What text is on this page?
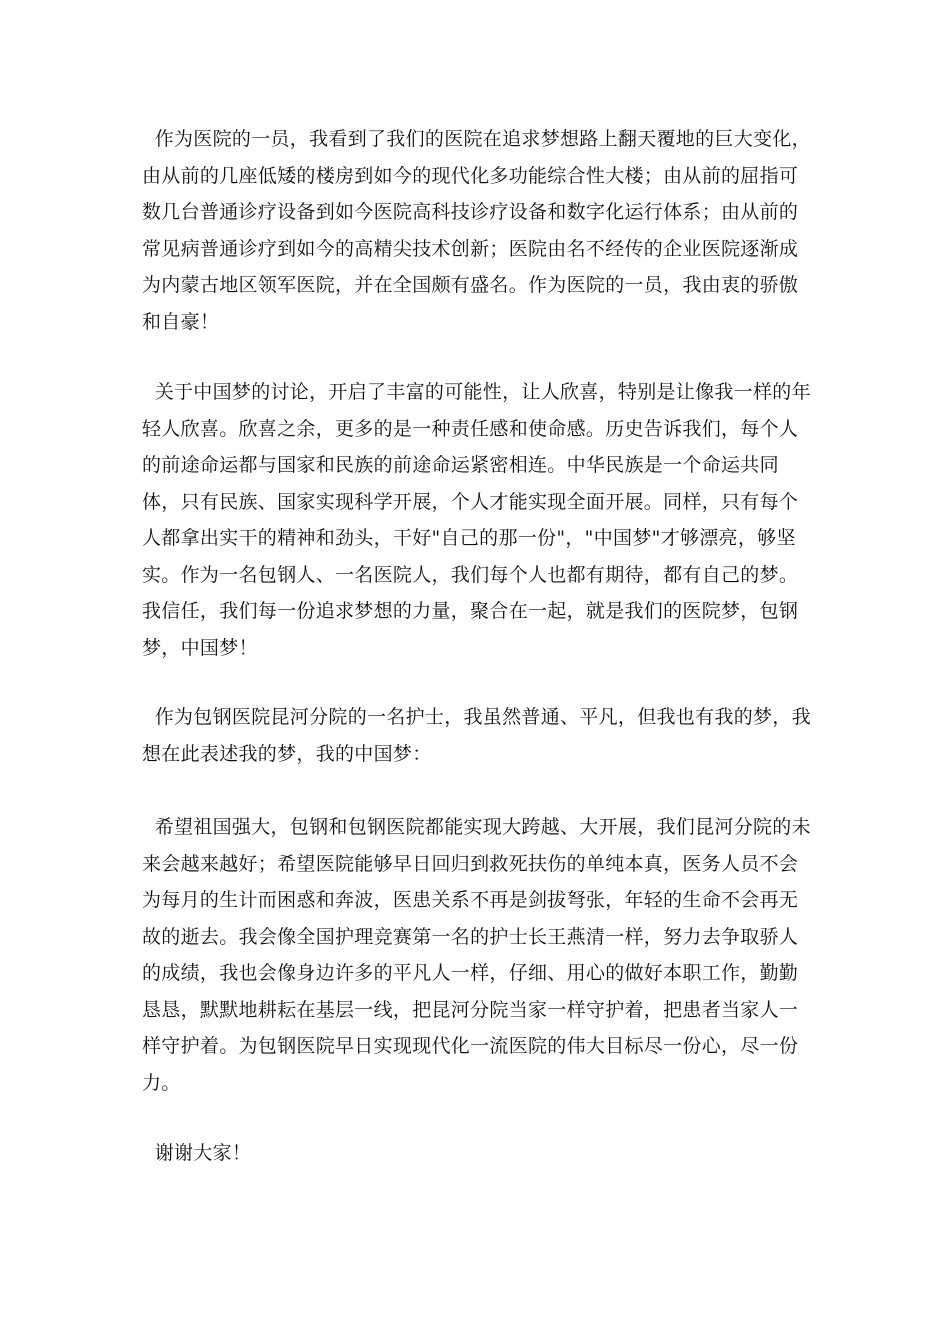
作为医院的一员，我看到了我们的医院在追求梦想路上翻天覆地的巨大变化，由从前的几座低矮的楼房到如今的现代化多功能综合性大楼；由从前的屈指可数几台普通诊疗设备到如今医院高科技诊疗设备和数字化运行体系；由从前的常见病普通诊疗到如今的高精尖技术创新；医院由名不经传的企业医院逐渐成为内蒙古地区领军医院，并在全国颇有盛名。作为医院的一员，我由衷的骄傲和自豪！

关于中国梦的讨论，开启了丰富的可能性，让人欣喜，特别是让像我一样的年轻人欣喜。欣喜之余，更多的是一种责任感和使命感。历史告诉我们，每个人的前途命运都与国家和民族的前途命运紧密相连。中华民族是一个命运共同体，只有民族、国家实现科学开展，个人才能实现全面开展。同样，只有每个人都拿出实干的精神和劲头，干好"自己的那一份"，"中国梦"才够漂亮，够坚实。作为一名包钢人、一名医院人，我们每个人也都有期待，都有自己的梦。我信任，我们每一份追求梦想的力量，聚合在一起，就是我们的医院梦，包钢梦，中国梦！

作为包钢医院昆河分院的一名护士，我虽然普通、平凡，但我也有我的梦，我想在此表述我的梦，我的中国梦：

希望祖国强大，包钢和包钢医院都能实现大跨越、大开展，我们昆河分院的未来会越来越好；希望医院能够早日回归到救死扶伤的单纯本真，医务人员不会为每月的生计而困惑和奔波，医患关系不再是剑拔弩张，年轻的生命不会再无故的逝去。我会像全国护理竞赛第一名的护士长王燕清一样，努力去争取骄人的成绩，我也会像身边许多的平凡人一样，仔细、用心的做好本职工作，勤勤恳恳，默默地耕耘在基层一线，把昆河分院当家一样守护着，把患者当家人一样守护着。为包钢医院早日实现现代化一流医院的伟大目标尽一份心，尽一份力。

谢谢大家！
